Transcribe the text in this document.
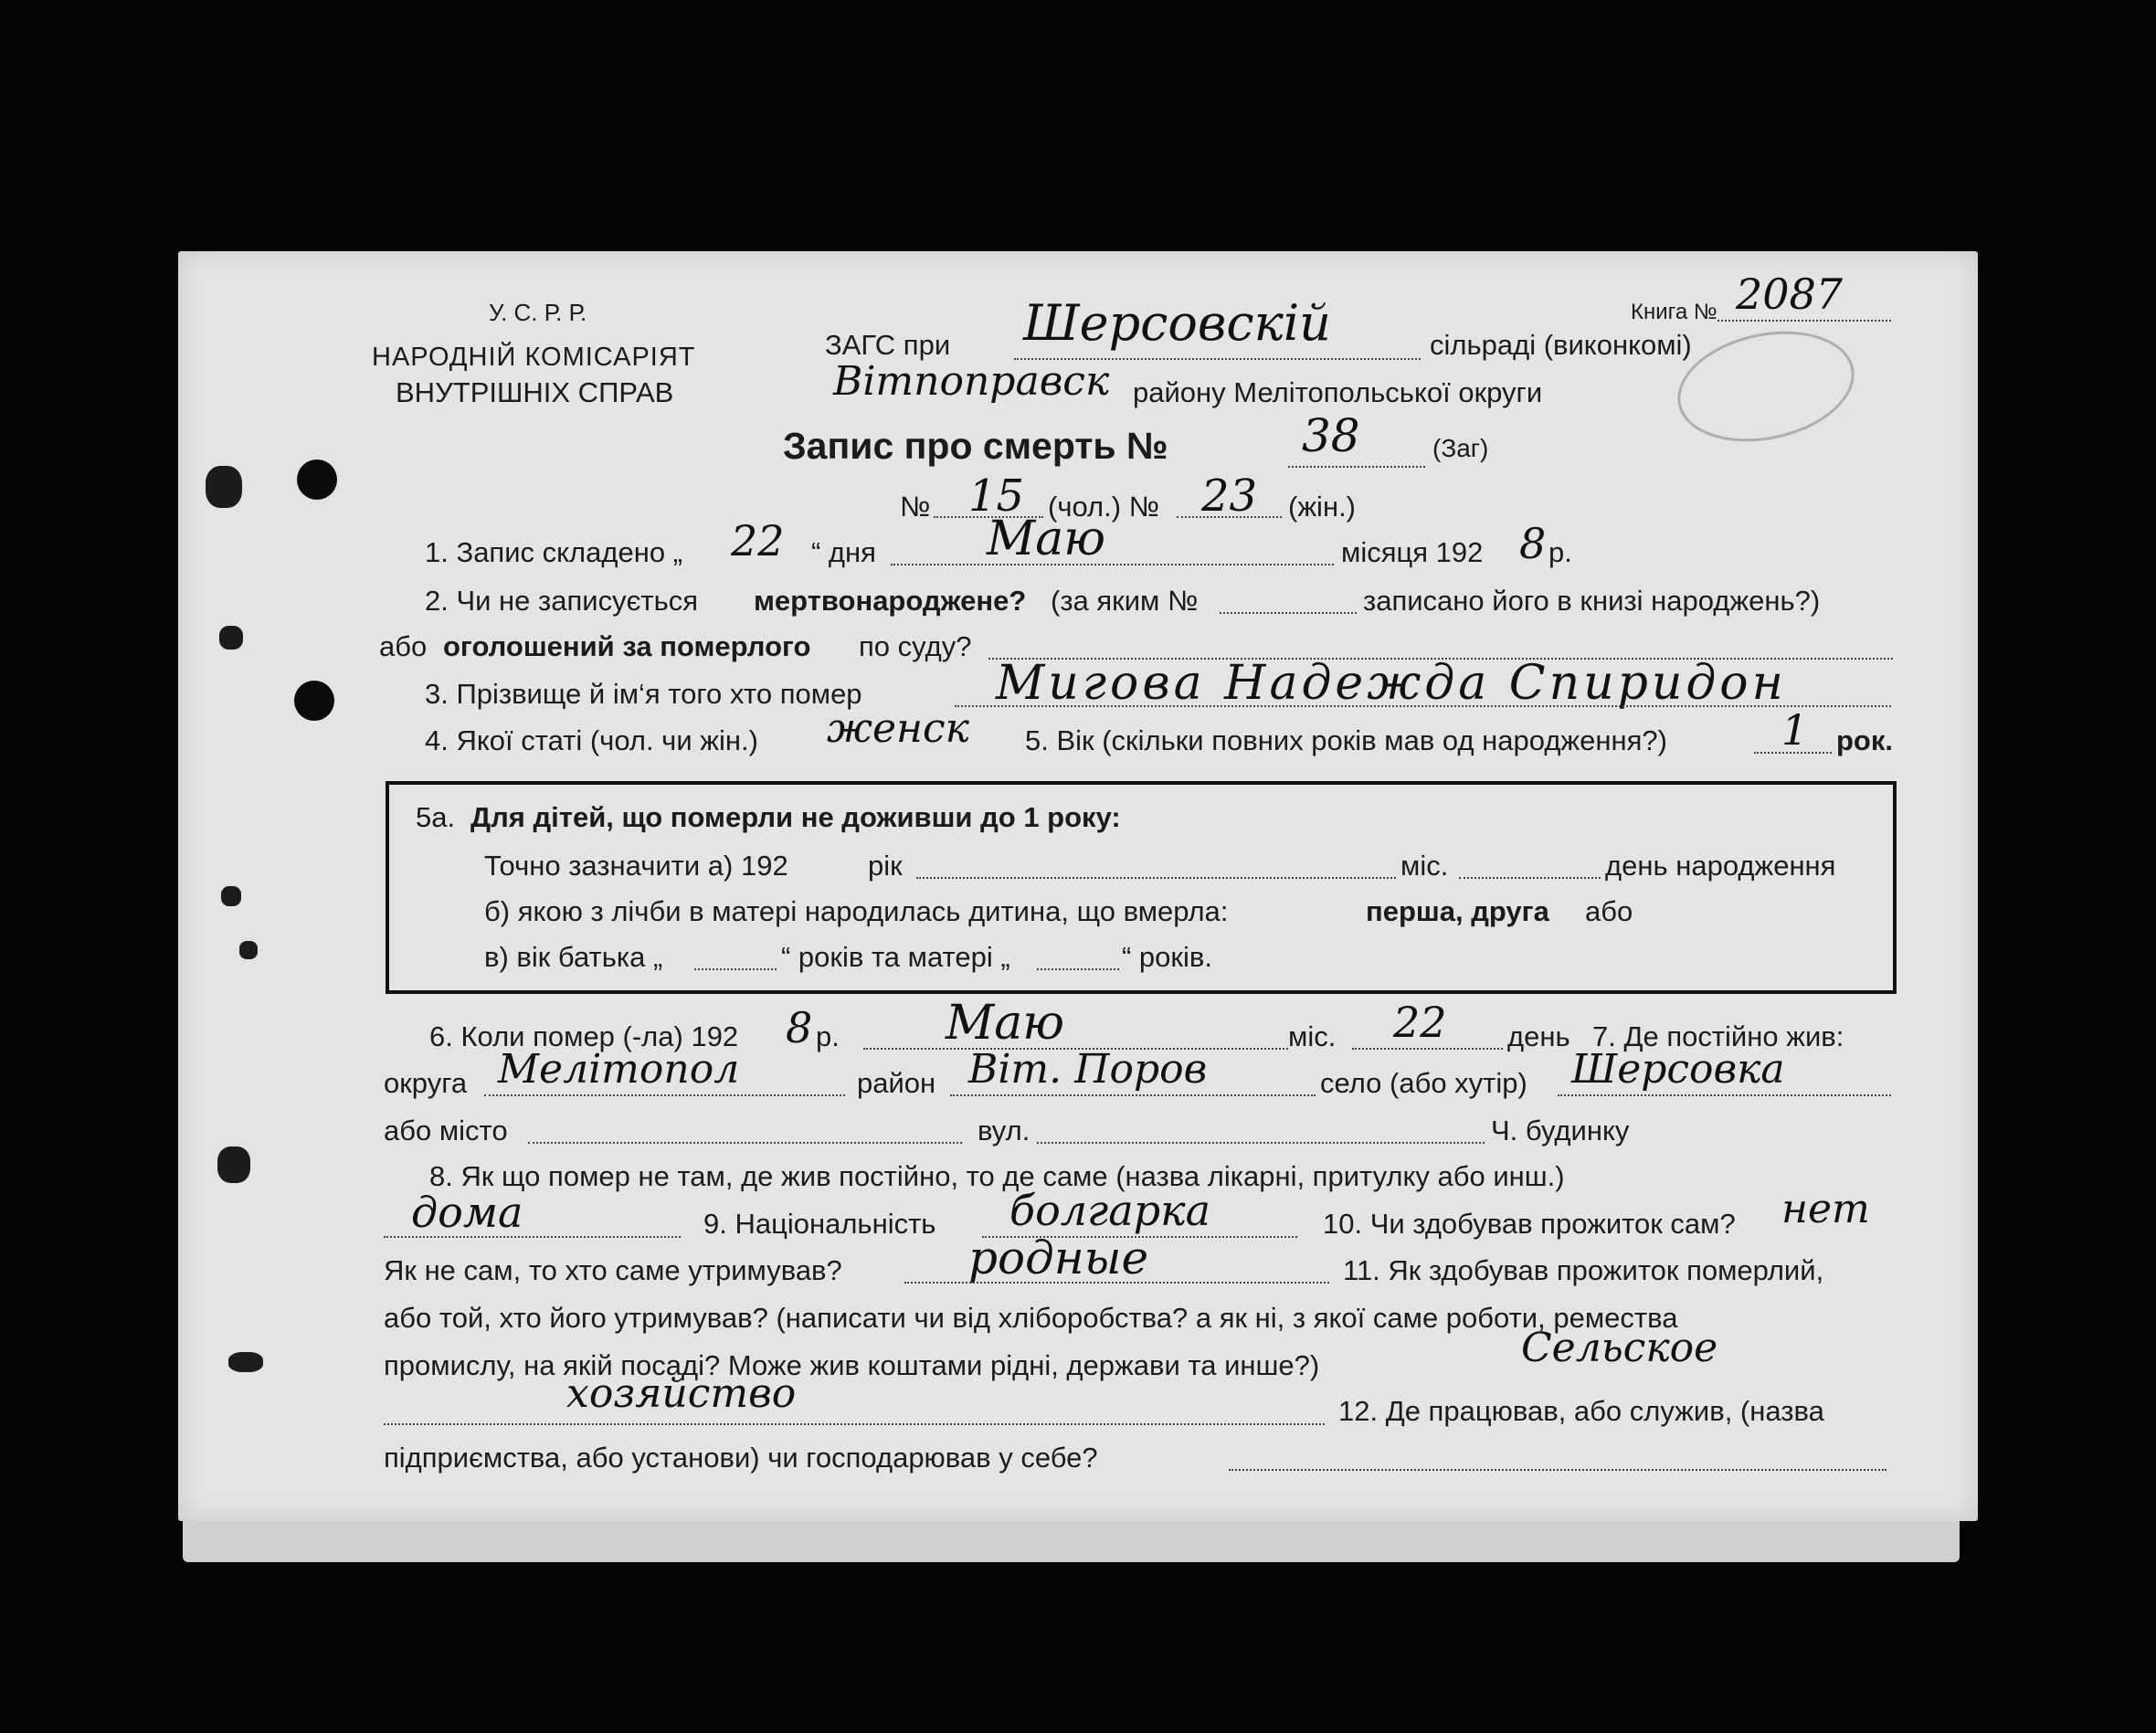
У. С. Р. Р.
НАРОДНІЙ КОМІСАРІЯТ
ВНУТРІШНІХ СПРАВ
ЗАГС при Шерсовскій	сільраді (виконкомі)
Вітпоправск району Мелітопольської округи
Книга № 2087
Запис про смерть №	38	(Заг)
№ 15 (чол.) № 23 (жін.)
1. Запис складено „ 22 “ дня Маю	місяця 192 8 р.
2. Чи не записується мертвонароджене? (за яким №	записано його в книзі народжень?)
або оголошений за померлого по суду?
3. Прізвище й ім‘я того хто помер	Мигова Надежда Спиридон
4. Якої статі (чол. чи жін.) женск 5. Вік (скільки повних років мав од народження?)	1 рок.
5а. Для дітей, що померли не доживши до 1 року:
Точно зазначити а) 192	рік	міс.	день народження
б) якою з лічби в матері народилась дитина, що вмерла:	перша, друга або
в) вік батька „	“ років та матері „	“ років.
6. Коли помер (-ла) 192 8 р. Маю	міс. 22 день 7. Де постійно жив:
округа Мелітопол	район Віт. Поров	село (або хутір) Шерсовка
або місто	вул.	Ч. будинку
8. Як що помер не там, де жив постійно, то де саме (назва лікарні, притулку або инш.)
дома	9. Національність болгарка	10. Чи здобував прожиток сам? нет
Як не сам, то хто саме утримував?	родные	11. Як здобував прожиток померлий,
або той, хто його утримував? (написати чи від хліборобства? а як ні, з якої саме роботи, ремества
промислу, на якій посаді? Може жив коштами рідні, держави та инше?)	Сельское
хозяйство	12. Де працював, або служив, (назва
підприємства, або установи) чи господарював у себе?
